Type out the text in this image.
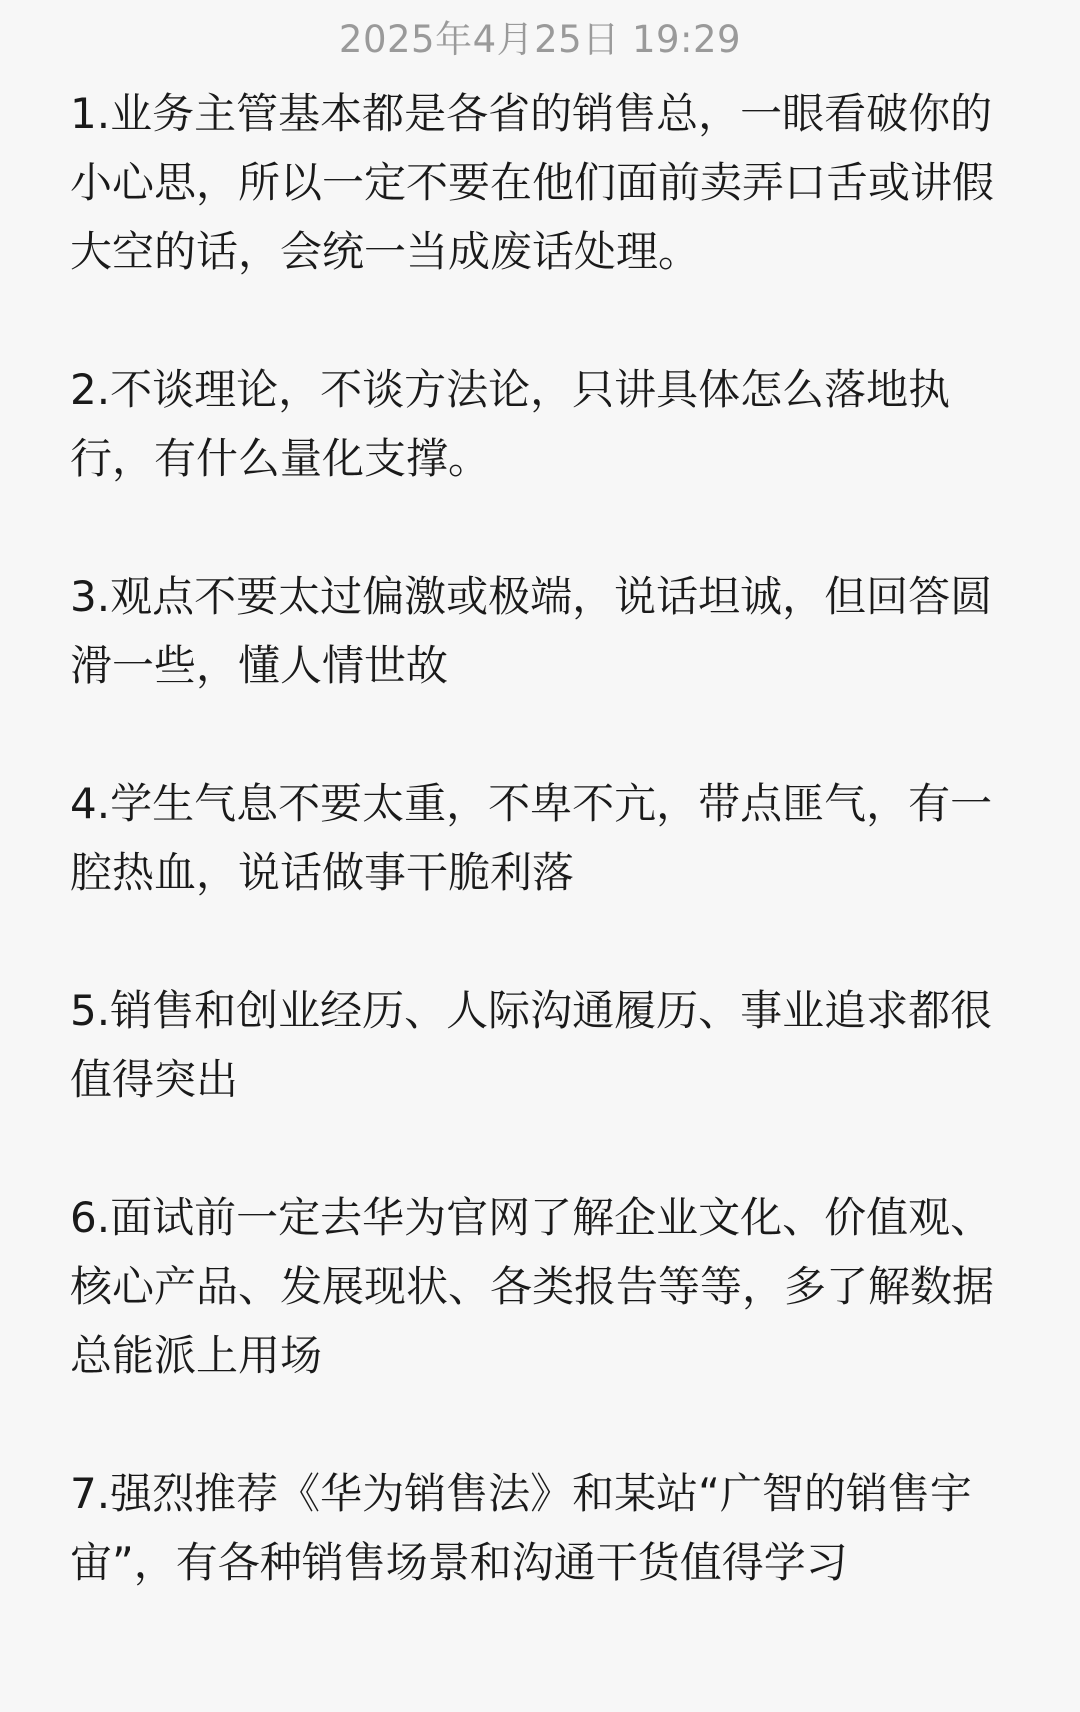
2025年4月25日 19:29

1.业务主管基本都是各省的销售总，一眼看破你的小心思，所以一定不要在他们面前卖弄口舌或讲假大空的话，会统一当成废话处理。

2.不谈理论，不谈方法论，只讲具体怎么落地执行，有什么量化支撑。

3.观点不要太过偏激或极端，说话坦诚，但回答圆滑一些，懂人情世故

4.学生气息不要太重，不卑不亢，带点匪气，有一腔热血，说话做事干脆利落

5.销售和创业经历、人际沟通履历、事业追求都很值得突出

6.面试前一定去华为官网了解企业文化、价值观、核心产品、发展现状、各类报告等等，多了解数据总能派上用场

7.强烈推荐《华为销售法》和某站“广智的销售宇宙”，有各种销售场景和沟通干货值得学习
